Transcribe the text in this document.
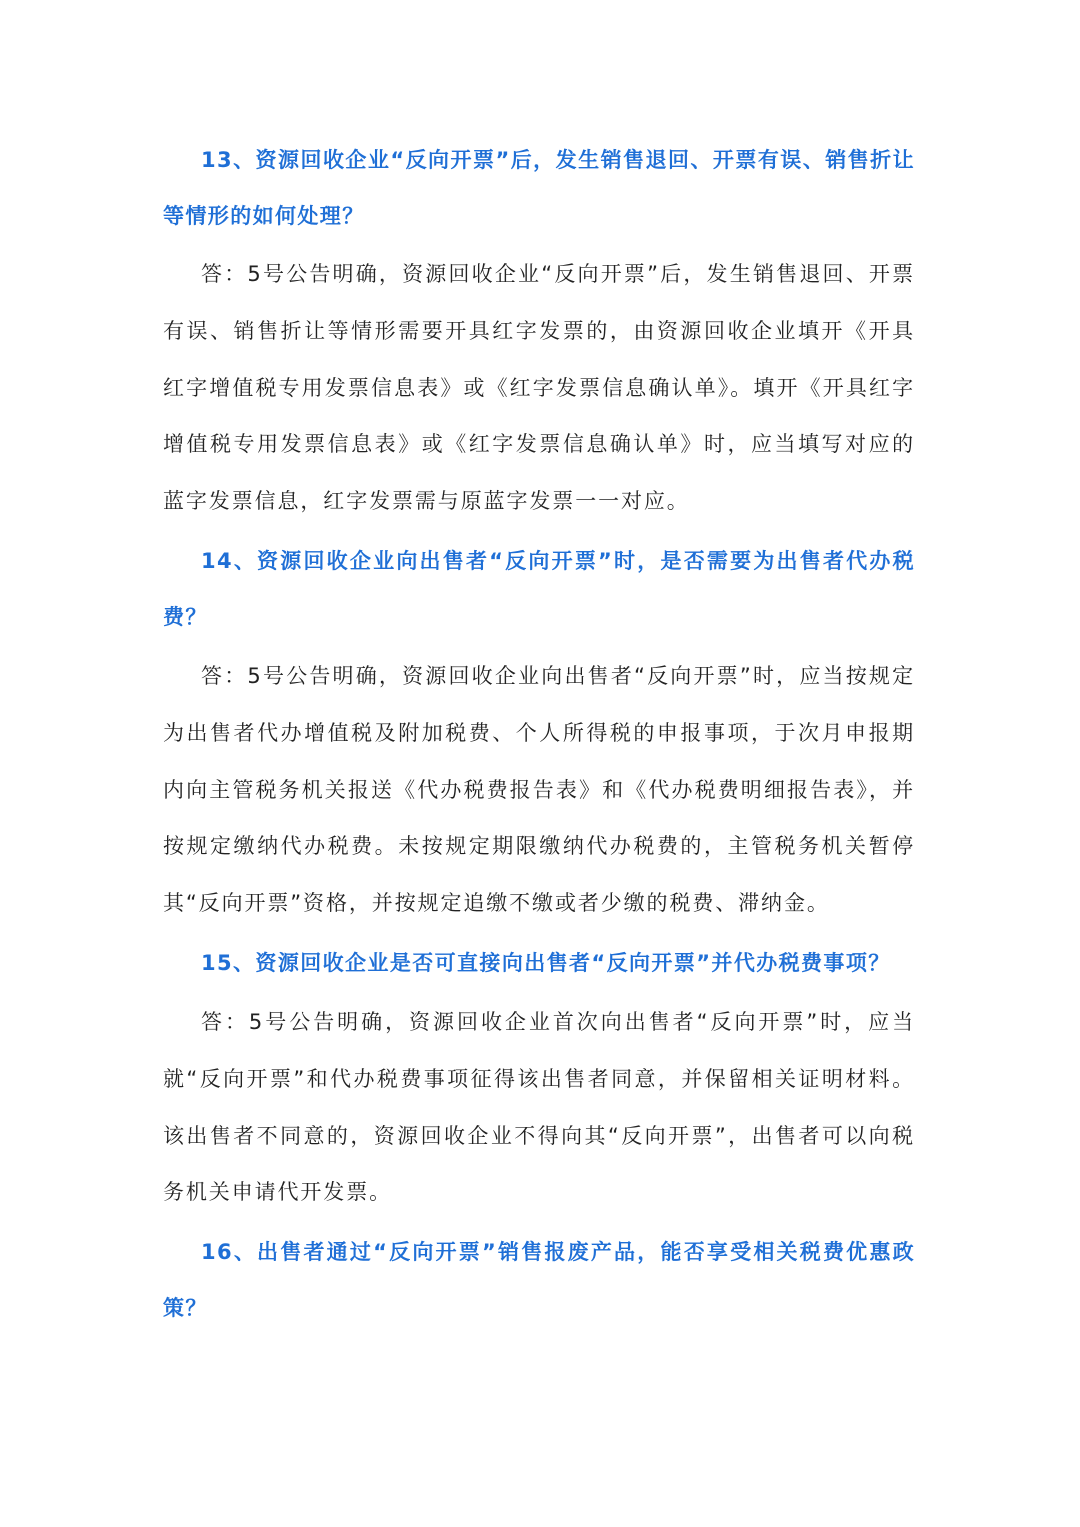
13、资源回收企业“反向开票”后，发生销售退回、开票有误、销售折让等情形的如何处理？

答：5号公告明确，资源回收企业“反向开票”后，发生销售退回、开票有误、销售折让等情形需要开具红字发票的，由资源回收企业填开《开具红字增值税专用发票信息表》或《红字发票信息确认单》。填开《开具红字增值税专用发票信息表》或《红字发票信息确认单》时，应当填写对应的蓝字发票信息，红字发票需与原蓝字发票一一对应。

14、资源回收企业向出售者“反向开票”时，是否需要为出售者代办税费？

答：5号公告明确，资源回收企业向出售者“反向开票”时，应当按规定为出售者代办增值税及附加税费、个人所得税的申报事项，于次月申报期内向主管税务机关报送《代办税费报告表》和《代办税费明细报告表》，并按规定缴纳代办税费。未按规定期限缴纳代办税费的，主管税务机关暂停其“反向开票”资格，并按规定追缴不缴或者少缴的税费、滞纳金。

15、资源回收企业是否可直接向出售者“反向开票”并代办税费事项？

答：5号公告明确，资源回收企业首次向出售者“反向开票”时，应当就“反向开票”和代办税费事项征得该出售者同意，并保留相关证明材料。该出售者不同意的，资源回收企业不得向其“反向开票”，出售者可以向税务机关申请代开发票。

16、出售者通过“反向开票”销售报废产品，能否享受相关税费优惠政策？
